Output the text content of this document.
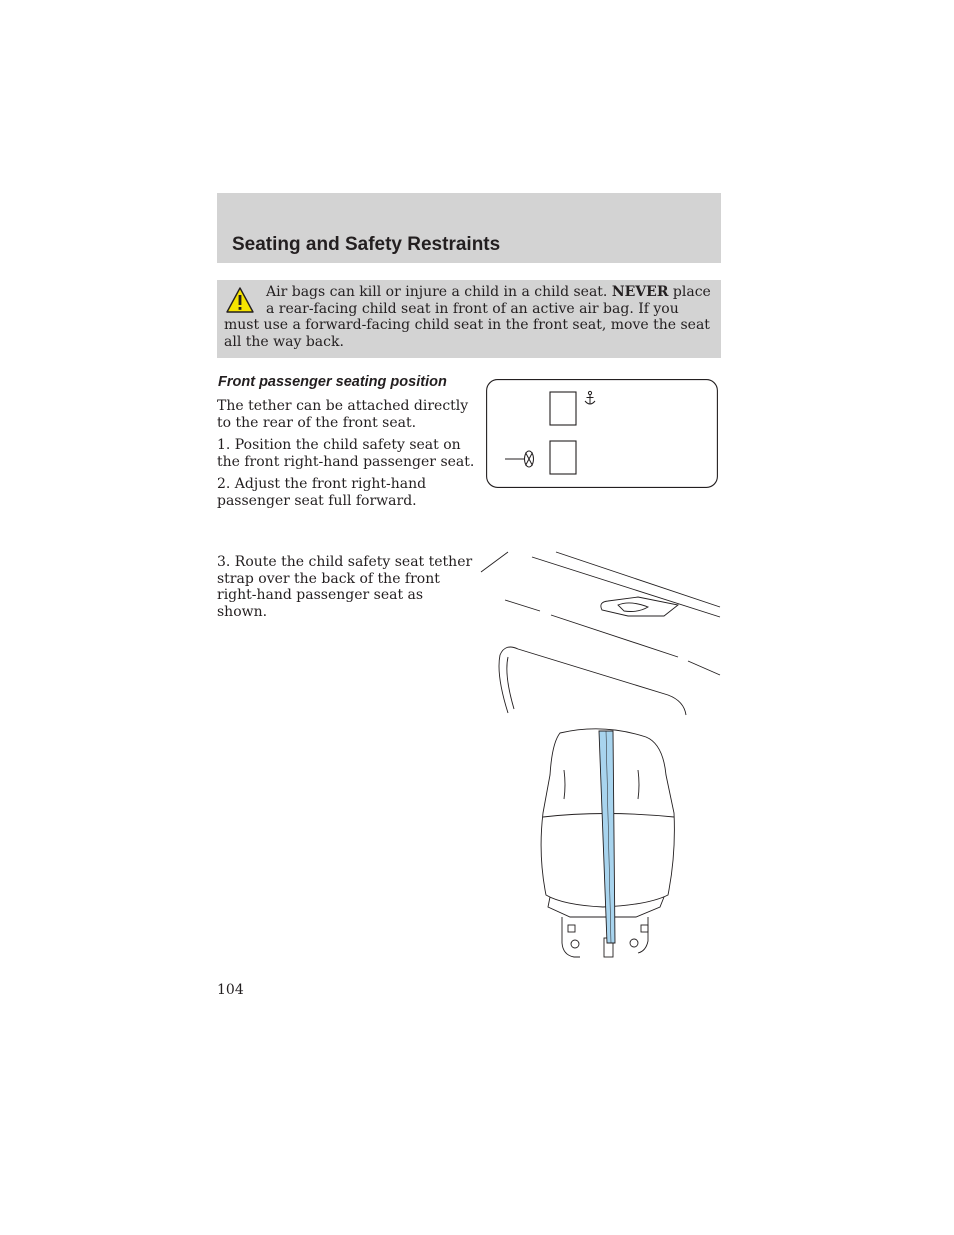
Seating and Safety Restraints

Air bags can kill or injure a child in a child seat. NEVER place a rear-facing child seat in front of an active air bag. If you must use a forward-facing child seat in the front seat, move the seat all the way back.

Front passenger seating position

The tether can be attached directly to the rear of the front seat.

1. Position the child safety seat on the front right-hand passenger seat.

2. Adjust the front right-hand passenger seat full forward.

3. Route the child safety seat tether strap over the back of the front right-hand passenger seat as shown.

104
